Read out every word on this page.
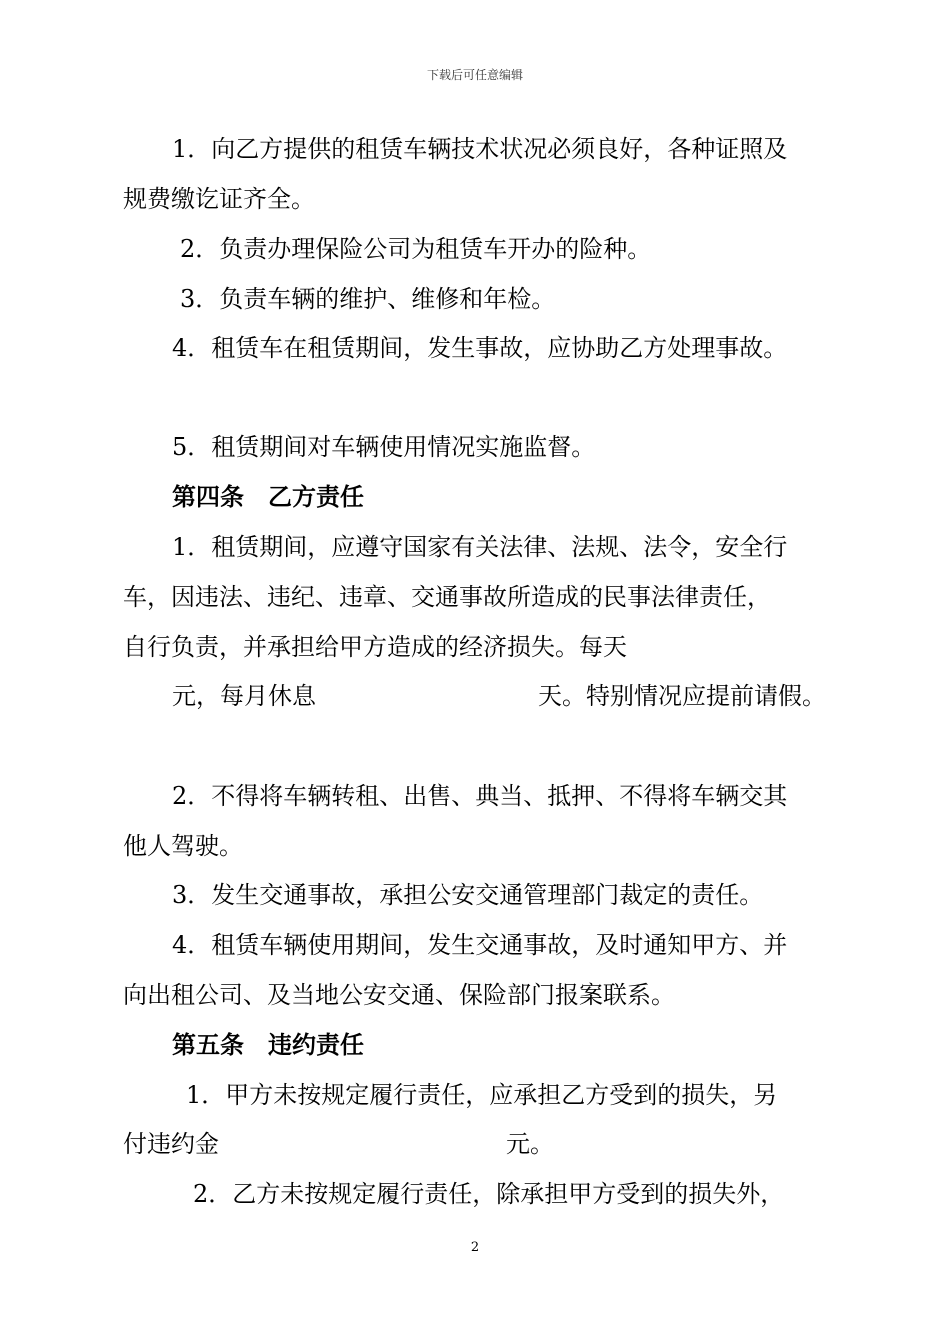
下载后可任意编辑
1．向乙方提供的租赁车辆技术状况必须良好，各种证照及
规费缴讫证齐全。
2．负责办理保险公司为租赁车开办的险种。
3．负责车辆的维护、维修和年检。
4．租赁车在租赁期间，发生事故，应协助乙方处理事故。
5．租赁期间对车辆使用情况实施监督。
第四条　乙方责任
1．租赁期间，应遵守国家有关法律、法规、法令，安全行
车，因违法、违纪、违章、交通事故所造成的民事法律责任，
自行负责，并承担给甲方造成的经济损失。每天
元，每月休息	天。特别情况应提前请假。
2．不得将车辆转租、出售、典当、抵押、不得将车辆交其
他人驾驶。
3．发生交通事故，承担公安交通管理部门裁定的责任。
4．租赁车辆使用期间，发生交通事故，及时通知甲方、并
向出租公司、及当地公安交通、保险部门报案联系。
第五条　违约责任
1．甲方未按规定履行责任，应承担乙方受到的损失，另
付违约金	元。
2．乙方未按规定履行责任，除承担甲方受到的损失外，
2
